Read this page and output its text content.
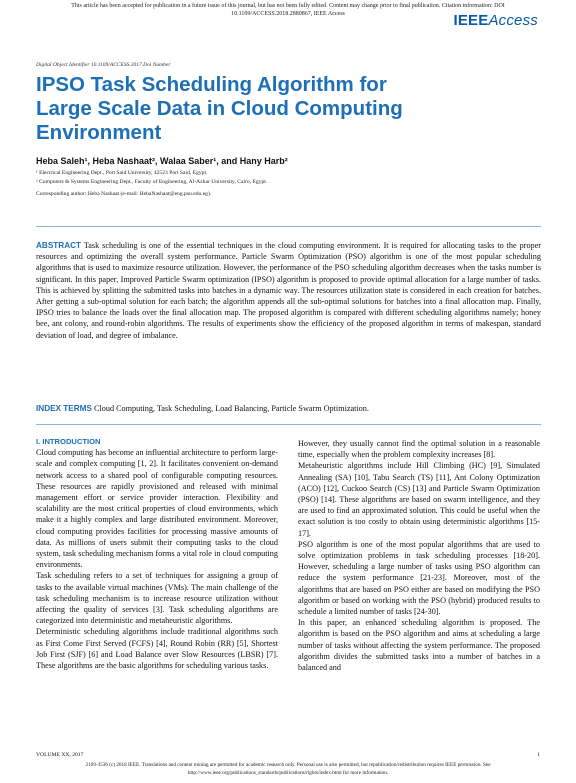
This article has been accepted for publication in a future issue of this journal, but has not been fully edited. Content may change prior to final publication. Citation information: DOI
10.1109/ACCESS.2018.2880867, IEEE Access	IEEEAccess
Digital Object Identifier 10.1109/ACCESS.2017.Doi Number
IPSO Task Scheduling Algorithm for Large Scale Data in Cloud Computing Environment
Heba Saleh¹, Heba Nashaat², Walaa Saber¹, and Hany Harb²
¹ Electrical Engineering Dept., Port Said University, 42523 Port Said, Egypt.
² Computers & Systems Engineering Dept., Faculty of Engineering, Al-Azhar University, Cairo, Egypt.
Corresponding author: Heba Nashaat (e-mail: HebaNashaat@eng.psu.edu.eg).
ABSTRACT Task scheduling is one of the essential techniques in the cloud computing environment. It is required for allocating tasks to the proper resources and optimizing the overall system performance. Particle Swarm Optimization (PSO) algorithm is one of the most popular scheduling algorithms that is used to maximize resource utilization. However, the performance of the PSO scheduling algorithm decreases when the tasks number is significant. In this paper, Improved Particle Swarm optimization (IPSO) algorithm is proposed to provide optimal allocation for a large number of tasks. This is achieved by splitting the submitted tasks into batches in a dynamic way. The resources utilization state is considered in each creation for batches. After getting a sub-optimal solution for each batch; the algorithm appends all the sub-optimal solutions for batches into a final allocation map. Finally, IPSO tries to balance the loads over the final allocation map. The proposed algorithm is compared with different scheduling algorithms namely; honey bee, ant colony, and round-robin algorithms. The results of experiments show the efficiency of the proposed algorithm in terms of makespan, standard deviation of load, and degree of imbalance.
INDEX TERMS Cloud Computing, Task Scheduling, Load Balancing, Particle Swarm Optimization.
I. INTRODUCTION

Cloud computing has become an influential architecture to perform large-scale and complex computing [1, 2]. It facilitates convenient on-demand network access to a shared pool of configurable computing resources. These resources are rapidly provisioned and released with minimal management effort or service provider interaction. Flexibility and scalability are the most critical properties of cloud environments, which make it a highly complex and large distributed environment. Moreover, cloud computing provides facilities for processing massive amounts of data. As millions of users submit their computing tasks to the cloud system, task scheduling mechanism forms a vital role in cloud computing environments.

Task scheduling refers to a set of techniques for assigning a group of tasks to the available virtual machines (VMs). The main challenge of the task scheduling mechanism is to increase resource utilization without affecting the quality of services [3]. Task scheduling algorithms are categorized into deterministic and metaheuristic algorithms.

Deterministic scheduling algorithms include traditional algorithms such as First Come First Served (FCFS) [4], Round Robin (RR) [5], Shortest Job First (SJF) [6] and Load Balance over Slow Resources (LBSR) [7]. These algorithms are the basic algorithms for scheduling various tasks.

However, they usually cannot find the optimal solution in a reasonable time, especially when the problem complexity increases [8].

Metaheuristic algorithms include Hill Climbing (HC) [9], Simulated Annealing (SA) [10], Tabu Search (TS) [11], Ant Colony Optimization (ACO) [12], Cuckoo Search (CS) [13] and Particle Swarm Optimization (PSO) [14]. These algorithms are based on swarm intelligence, and they are used to find an approximated solution. This could be useful when the exact solution is too costly to obtain using deterministic algorithms [15-17].

PSO algorithm is one of the most popular algorithms that are used to solve optimization problems in task scheduling processes [18-20]. However, scheduling a large number of tasks using PSO algorithm can reduce the system performance [21-23]. Moreover, most of the algorithms that are based on PSO either are based on modifying the PSO algorithm or based on working with the PSO (hybrid) produced results to schedule a limited number of tasks [24-30].

In this paper, an enhanced scheduling algorithm is proposed. The algorithm is based on the PSO algorithm and aims at scheduling a large number of tasks without affecting the system performance. The proposed algorithm divides the submitted tasks into a number of batches in a balanced and

VOLUME XX, 2017	1
2169-3536 (c) 2018 IEEE. Translations and content mining are permitted for academic research only. Personal use is also permitted, but republication/redistribution requires IEEE permission. See
http://www.ieee.org/publications_standards/publications/rights/index.html for more information.
